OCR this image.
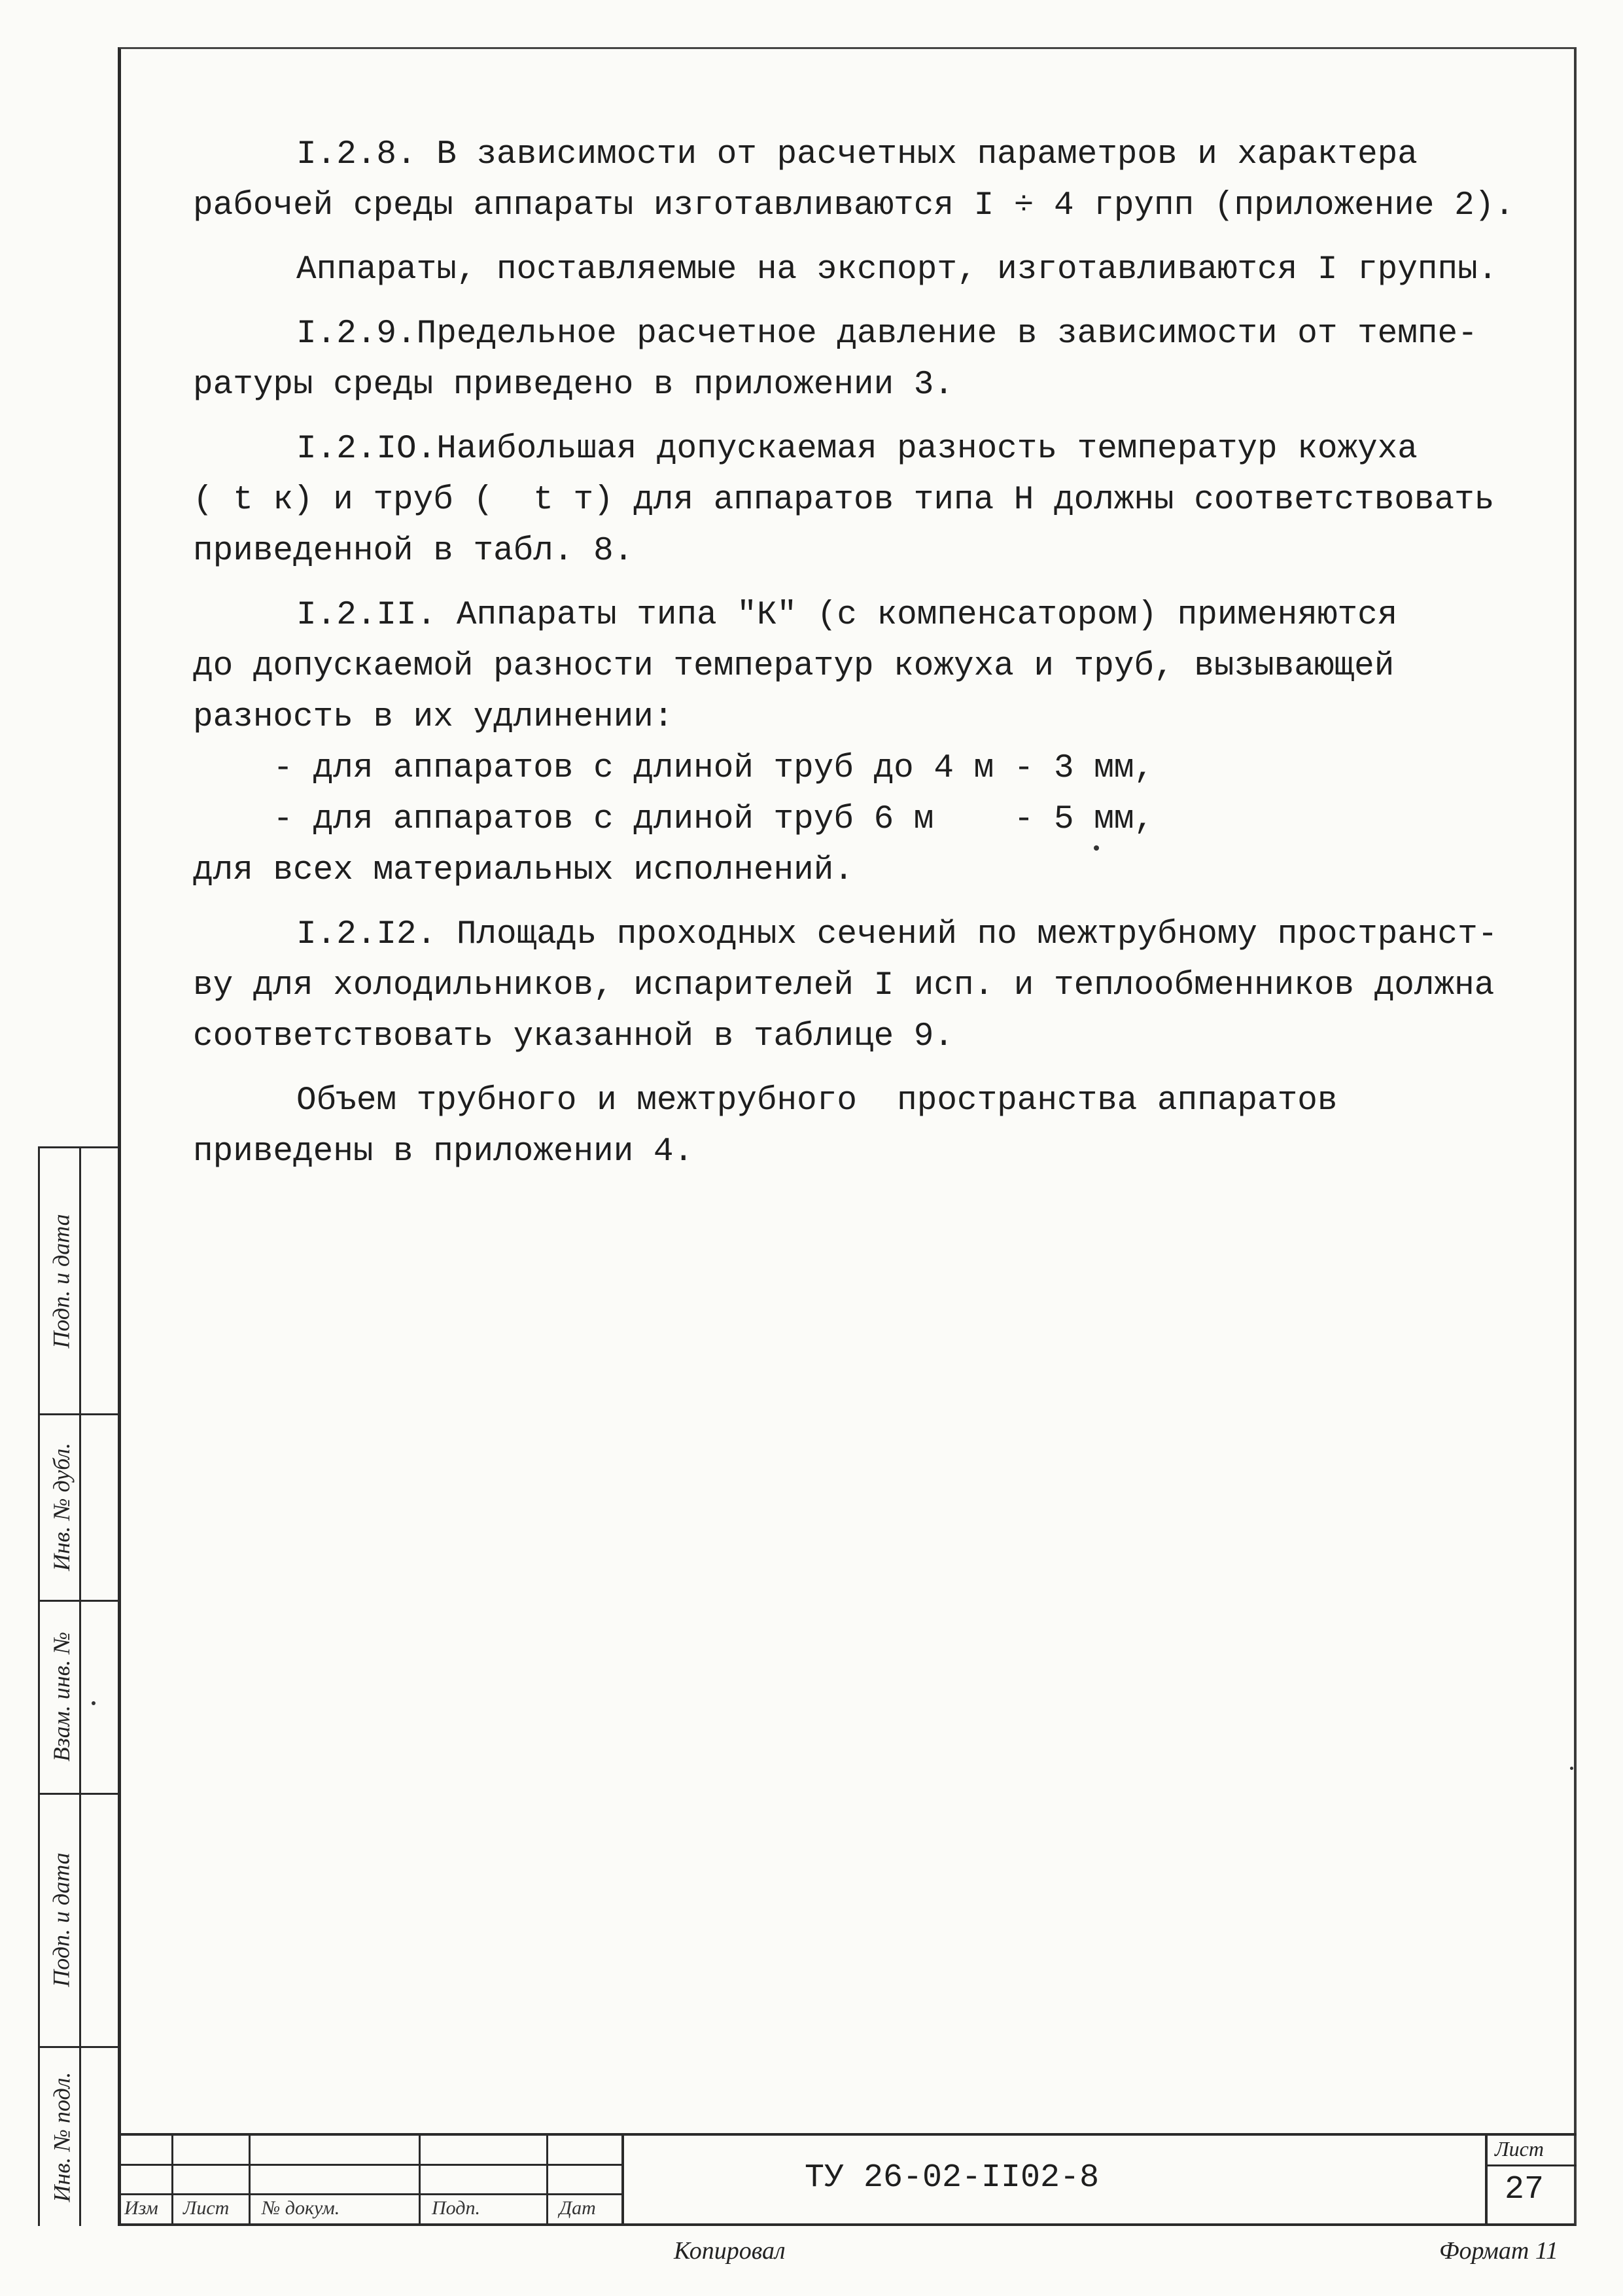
I.2.8. В зависимости от расчетных параметров и характера
рабочей среды аппараты изготавливаются I ÷ 4 групп (приложение 2).
Аппараты, поставляемые на экспорт, изготавливаются I группы.
I.2.9.Предельное расчетное давление в зависимости от темпе-
ратуры среды приведено в приложении 3.
I.2.IO.Наибольшая допускаемая разность температур кожуха
( t к) и труб (  t т) для аппаратов типа Н должны соответствовать
приведенной в табл. 8.
I.2.II. Аппараты типа "К" (с компенсатором) применяются
до допускаемой разности температур кожуха и труб, вызывающей
разность в их удлинении:
- для аппаратов с длиной труб до 4 м - 3 мм,
- для аппаратов с длиной труб 6 м    - 5 мм,
для всех материальных исполнений.
I.2.I2. Площадь проходных сечений по межтрубному пространст-
ву для холодильников, испарителей I исп. и теплообменников должна
соответствовать указанной в таблице 9.
Объем трубного и межтрубного  пространства аппаратов
приведены в приложении 4.
Подп. и дата
Инв. № дубл.
Взам. инв. №
Подп. и дата
Инв. № подл.
Изм Лист № докум.	Подп.	Дат
ТУ 26-02-II02-8
Лист
27
Копировал	Формат 11
